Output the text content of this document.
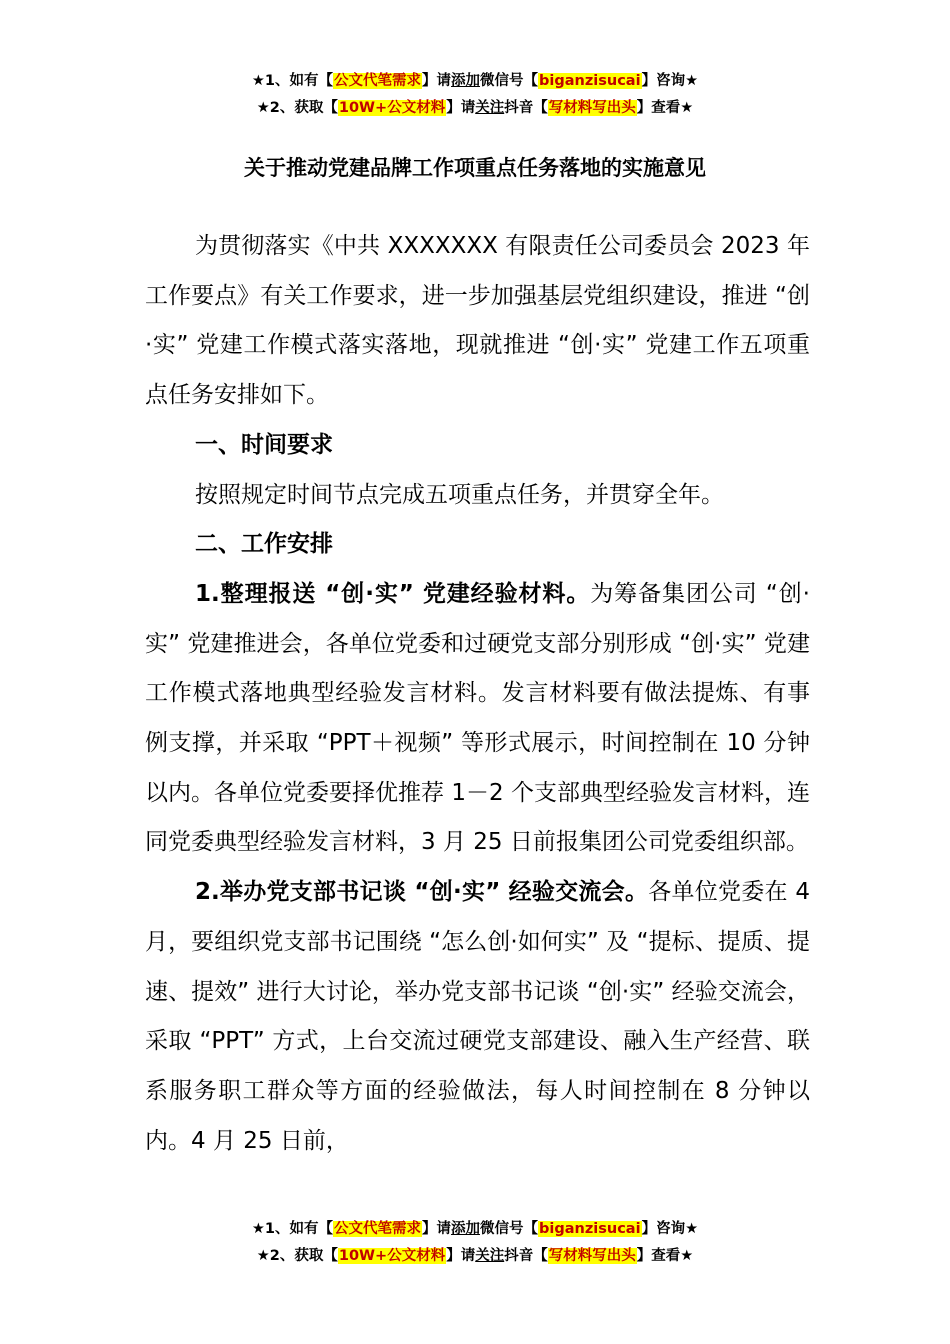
★1、如有【公文代笔需求】请添加微信号【biganzisucai】咨询★
★2、获取【10W+公文材料】请关注抖音【写材料写出头】查看★
关于推动党建品牌工作项重点任务落地的实施意见

为贯彻落实《中共 XXXXXXX 有限责任公司委员会 2023 年工作要点》有关工作要求，进一步加强基层党组织建设，推进 “创·实” 党建工作模式落实落地，现就推进 “创·实” 党建工作五项重点任务安排如下。

一、时间要求

按照规定时间节点完成五项重点任务，并贯穿全年。

二、工作安排

1.整理报送 “创·实” 党建经验材料。为筹备集团公司 “创·实” 党建推进会，各单位党委和过硬党支部分别形成 “创·实” 党建工作模式落地典型经验发言材料。发言材料要有做法提炼、有事例支撑，并采取 “PPT＋视频” 等形式展示，时间控制在 10 分钟以内。各单位党委要择优推荐 1－2 个支部典型经验发言材料，连同党委典型经验发言材料，3 月 25 日前报集团公司党委组织部。

2.举办党支部书记谈 “创·实” 经验交流会。各单位党委在 4 月，要组织党支部书记围绕 “怎么创·如何实” 及 “提标、提质、提速、提效” 进行大讨论，举办党支部书记谈 “创·实” 经验交流会，采取 “PPT” 方式，上台交流过硬党支部建设、融入生产经营、联系服务职工群众等方面的经验做法，每人时间控制在 8 分钟以内。4 月 25 日前，

★1、如有【公文代笔需求】请添加微信号【biganzisucai】咨询★
★2、获取【10W+公文材料】请关注抖音【写材料写出头】查看★
